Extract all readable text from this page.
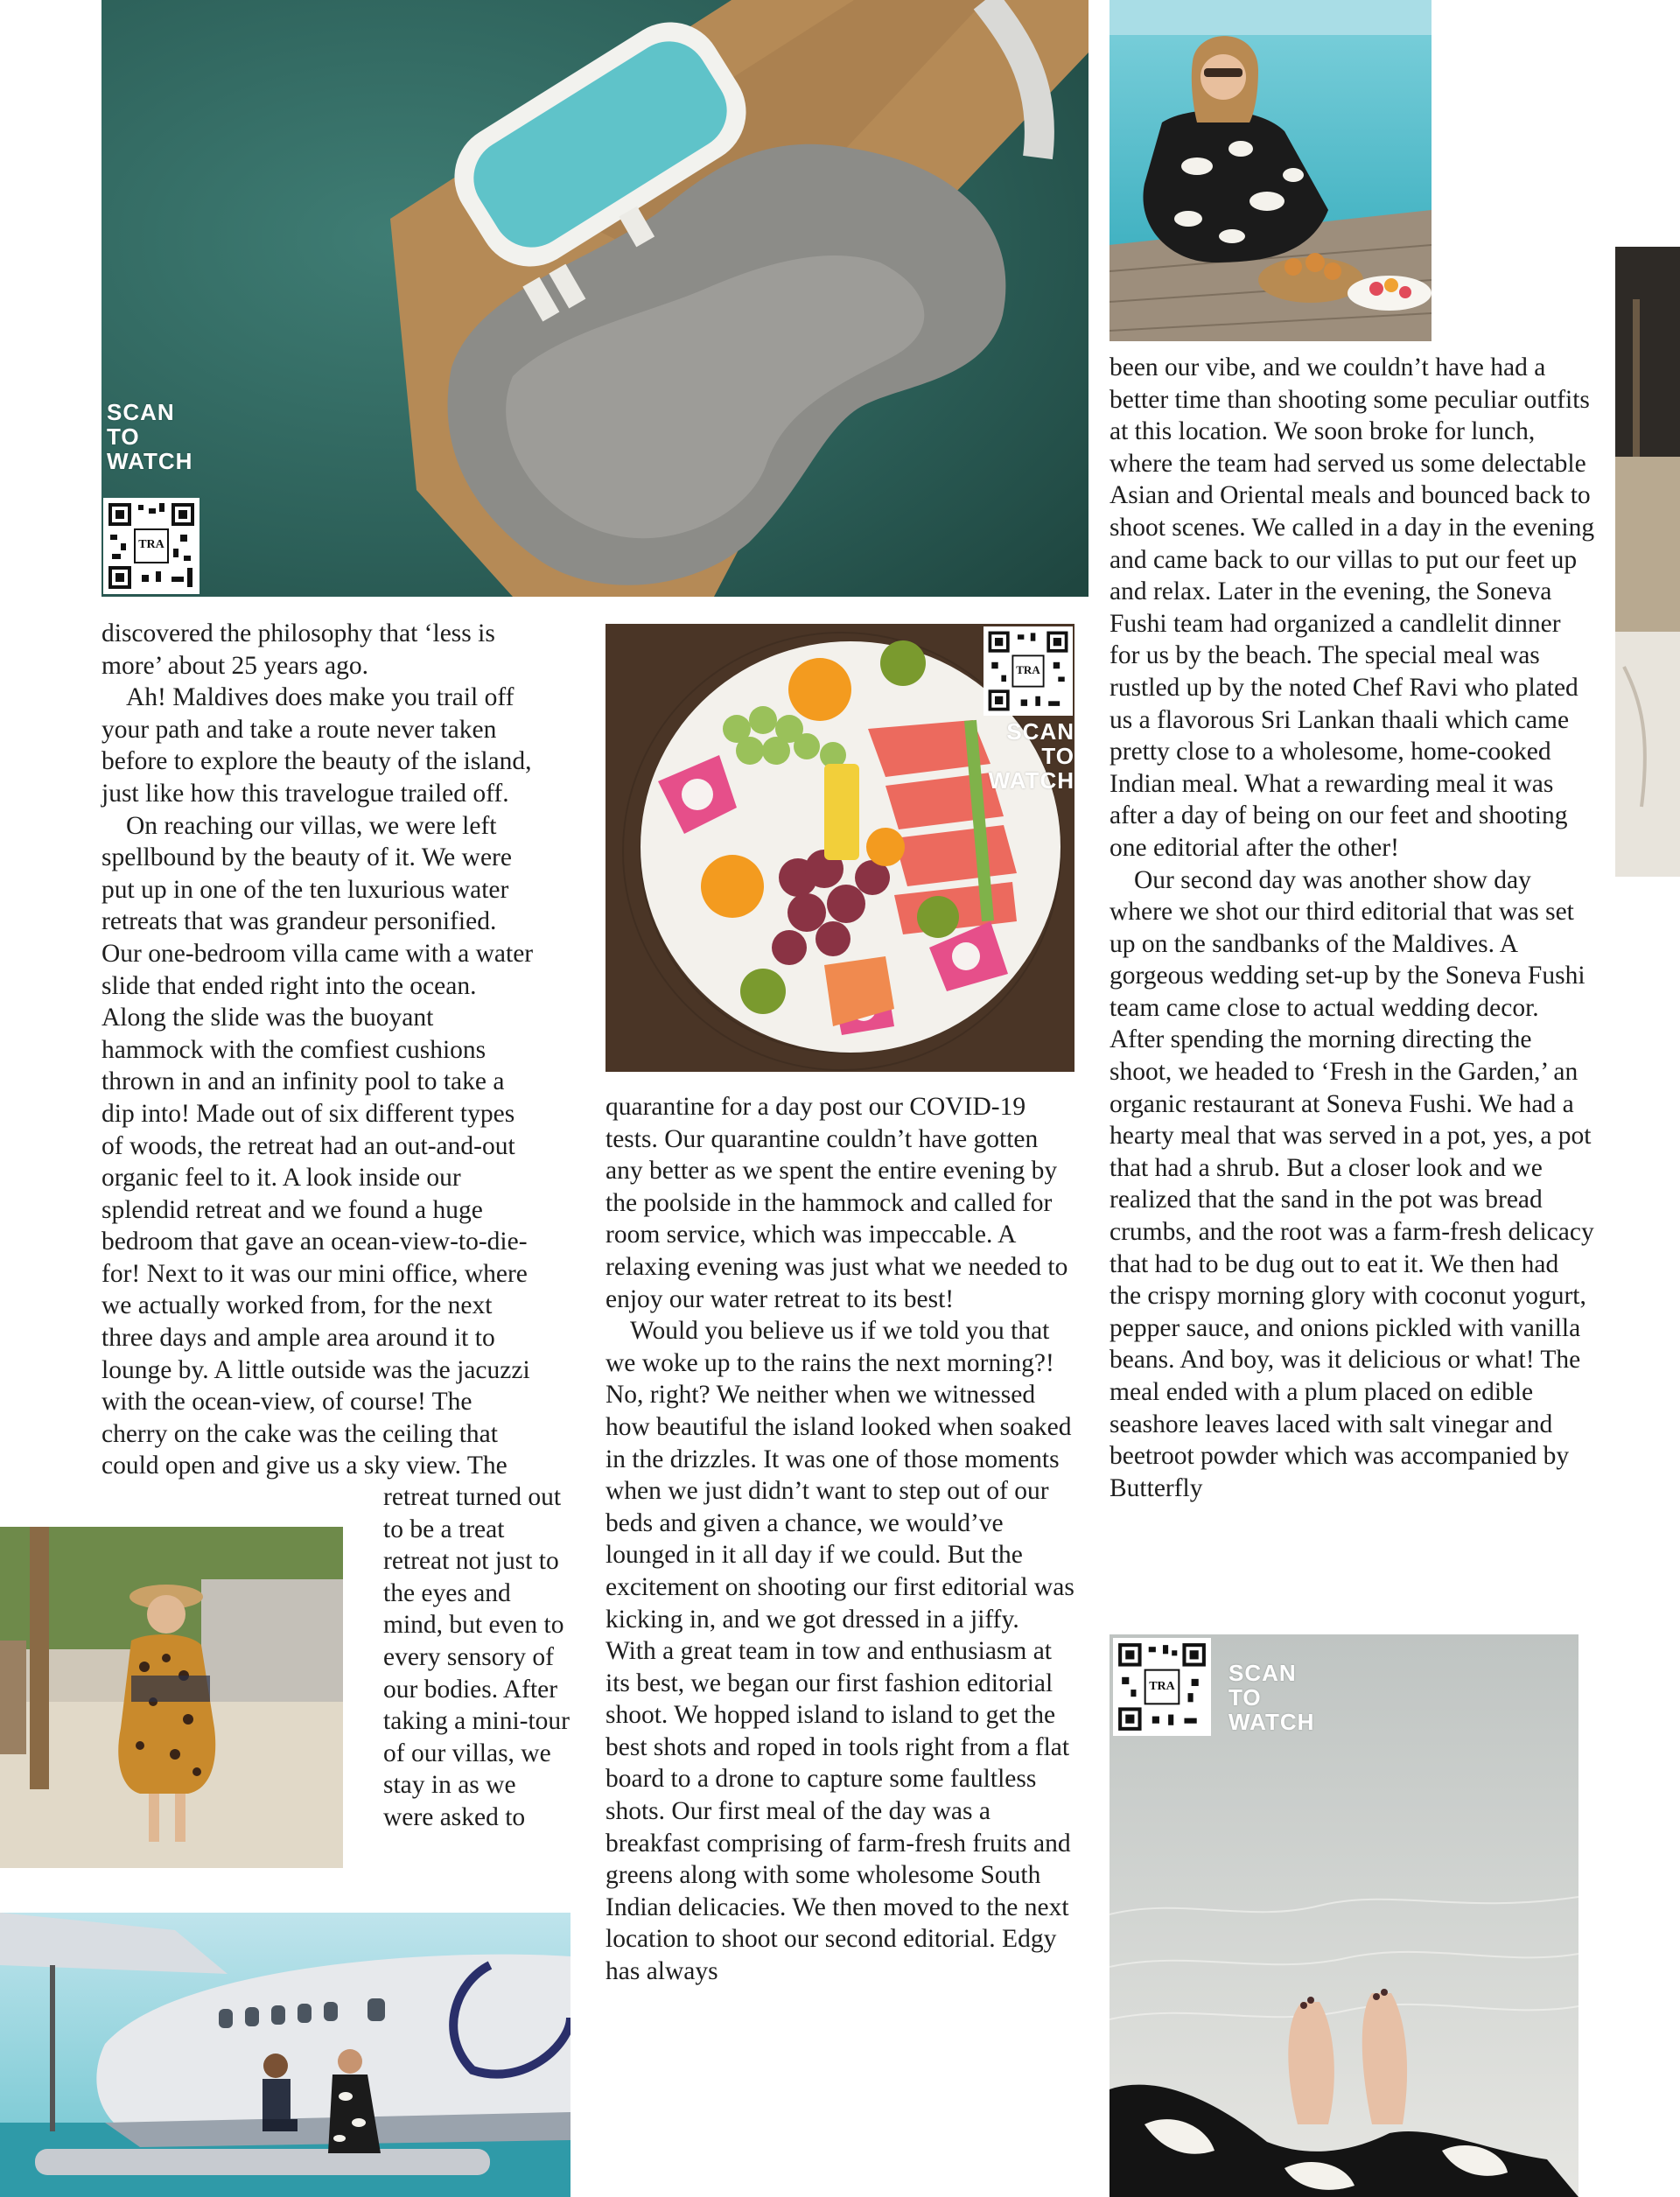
SCAN
TO
WATCH
TRA
TRA
SCAN
TO
WATCH
TRA
SCAN
TO
WATCH

discovered the philosophy that ‘less is more’ about 25 years ago.

Ah! Maldives does make you trail off your path and take a route never taken before to explore the beauty of the island, just like how this travelogue trailed off.

On reaching our villas, we were left spellbound by the beauty of it. We were put up in one of the ten luxurious water retreats that was grandeur personified. Our one-bedroom villa came with a water slide that ended right into the ocean. Along the slide was the buoyant hammock with the comfiest cushions thrown in and an infinity pool to take a dip into! Made out of six different types of woods, the retreat had an out-and-out organic feel to it. A look inside our splendid retreat and we found a huge bedroom that gave an ocean-view-to-die-for! Next to it was our mini office, where we actually worked from, for the next three days and ample area around it to lounge by. A little outside was the jacuzzi with the ocean-view, of course! The cherry on the cake was the ceiling that could open and give us a sky view. The

retreat turned out to be a treat retreat not just to the eyes and mind, but even to every sensory of our bodies. After taking a mini-tour of our villas, we stay in as we were asked to

quarantine for a day post our COVID-19 tests. Our quarantine couldn’t have gotten any better as we spent the entire evening by the poolside in the hammock and called for room service, which was impeccable. A relaxing evening was just what we needed to enjoy our water retreat to its best!

Would you believe us if we told you that we woke up to the rains the next morning?! No, right? We neither when we witnessed how beautiful the island looked when soaked in the drizzles. It was one of those moments when we just didn’t want to step out of our beds and given a chance, we would’ve lounged in it all day if we could. But the excitement on shooting our first editorial was kicking in, and we got dressed in a jiffy. With a great team in tow and enthusiasm at its best, we began our first fashion editorial shoot. We hopped island to island to get the best shots and roped in tools right from a flat board to a drone to capture some faultless shots. Our first meal of the day was a breakfast comprising of farm-fresh fruits and greens along with some wholesome South Indian delicacies. We then moved to the next location to shoot our second editorial. Edgy has always

been our vibe, and we couldn’t have had a better time than shooting some peculiar outfits at this location. We soon broke for lunch, where the team had served us some delectable Asian and Oriental meals and bounced back to shoot scenes. We called in a day in the evening and came back to our villas to put our feet up and relax. Later in the evening, the Soneva Fushi team had organized a candlelit dinner for us by the beach. The special meal was rustled up by the noted Chef Ravi who plated us a flavorous Sri Lankan thaali which came pretty close to a wholesome, home-cooked Indian meal. What a rewarding meal it was after a day of being on our feet and shooting one editorial after the other!

Our second day was another show day where we shot our third editorial that was set up on the sandbanks of the Maldives. A gorgeous wedding set-up by the Soneva Fushi team came close to actual wedding decor. After spending the morning directing the shoot, we headed to ‘Fresh in the Garden,’ an organic restaurant at Soneva Fushi. We had a hearty meal that was served in a pot, yes, a pot that had a shrub. But a closer look and we realized that the sand in the pot was bread crumbs, and the root was a farm-fresh delicacy that had to be dug out to eat it. We then had the crispy morning glory with coconut yogurt, pepper sauce, and onions pickled with vanilla beans. And boy, was it delicious or what! The meal ended with a plum placed on edible seashore leaves laced with salt vinegar and beetroot powder which was accompanied by Butterfly
